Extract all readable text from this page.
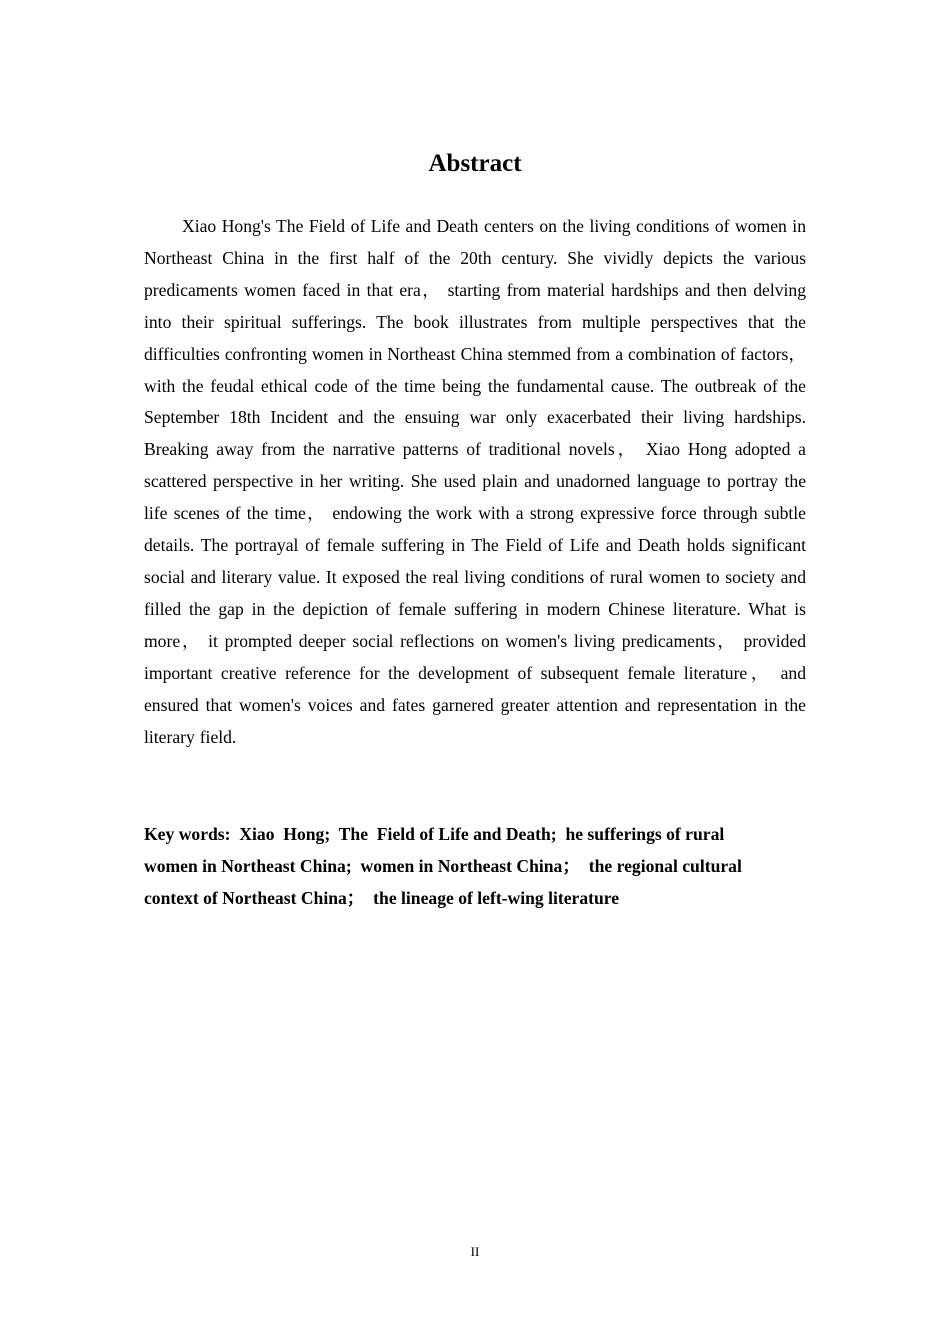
Abstract

Xiao Hong's The Field of Life and Death centers on the living conditions of women in Northeast China in the first half of the 20th century. She vividly depicts the various predicaments women faced in that era， starting from material hardships and then delving into their spiritual sufferings. The book illustrates from multiple perspectives that the difficulties confronting women in Northeast China stemmed from a combination of factors， with the feudal ethical code of the time being the fundamental cause. The outbreak of the September 18th Incident and the ensuing war only exacerbated their living hardships. Breaking away from the narrative patterns of traditional novels， Xiao Hong adopted a scattered perspective in her writing. She used plain and unadorned language to portray the life scenes of the time， endowing the work with a strong expressive force through subtle details. The portrayal of female suffering in The Field of Life and Death holds significant social and literary value. It exposed the real living conditions of rural women to society and filled the gap in the depiction of female suffering in modern Chinese literature. What is more， it prompted deeper social reflections on women's living predicaments， provided important creative reference for the development of subsequent female literature， and ensured that women's voices and fates garnered greater attention and representation in the literary field.

Key words:  Xiao  Hong;  The  Field of Life and Death;  he sufferings of rural
women in Northeast China;  women in Northeast China；  the regional cultural
context of Northeast China；  the lineage of left-wing literature
II
